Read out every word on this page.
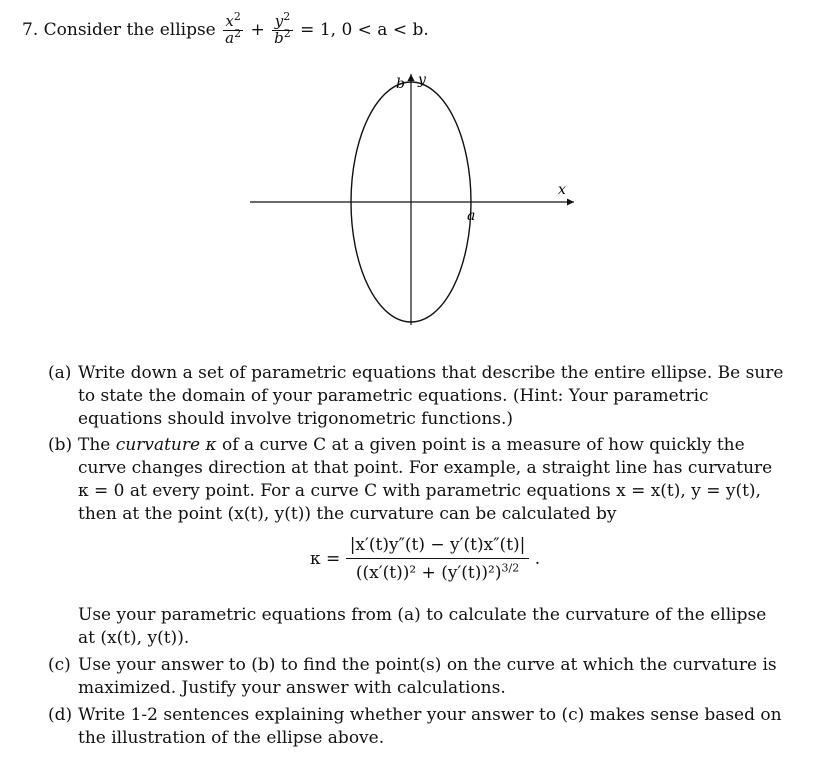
7. Consider the ellipse $\frac{x^2}{a^2} + \frac{y^2}{b^2} = 1$, 0 < a < b.
b y
x
a
(a) Write down a set of parametric equations that describe the entire ellipse. Be sure to state the domain of your parametric equations. (Hint: Your parametric equations should involve trigonometric functions.)
(b) The curvature κ of a curve C at a given point is a measure of how quickly the curve changes direction at that point. For example, a straight line has curvature κ = 0 at every point. For a curve C with parametric equations x = x(t), y = y(t), then at the point (x(t), y(t)) the curvature can be calculated by
$\kappa = \frac{|x'(t)y''(t) - y'(t)x''(t)|}{((x'(t))^2 + (y'(t))^2)^{3/2}}$ .
Use your parametric equations from (a) to calculate the curvature of the ellipse at (x(t), y(t)).
(c) Use your answer to (b) to find the point(s) on the curve at which the curvature is maximized. Justify your answer with calculations.
(d) Write 1-2 sentences explaining whether your answer to (c) makes sense based on the illustration of the ellipse above.
